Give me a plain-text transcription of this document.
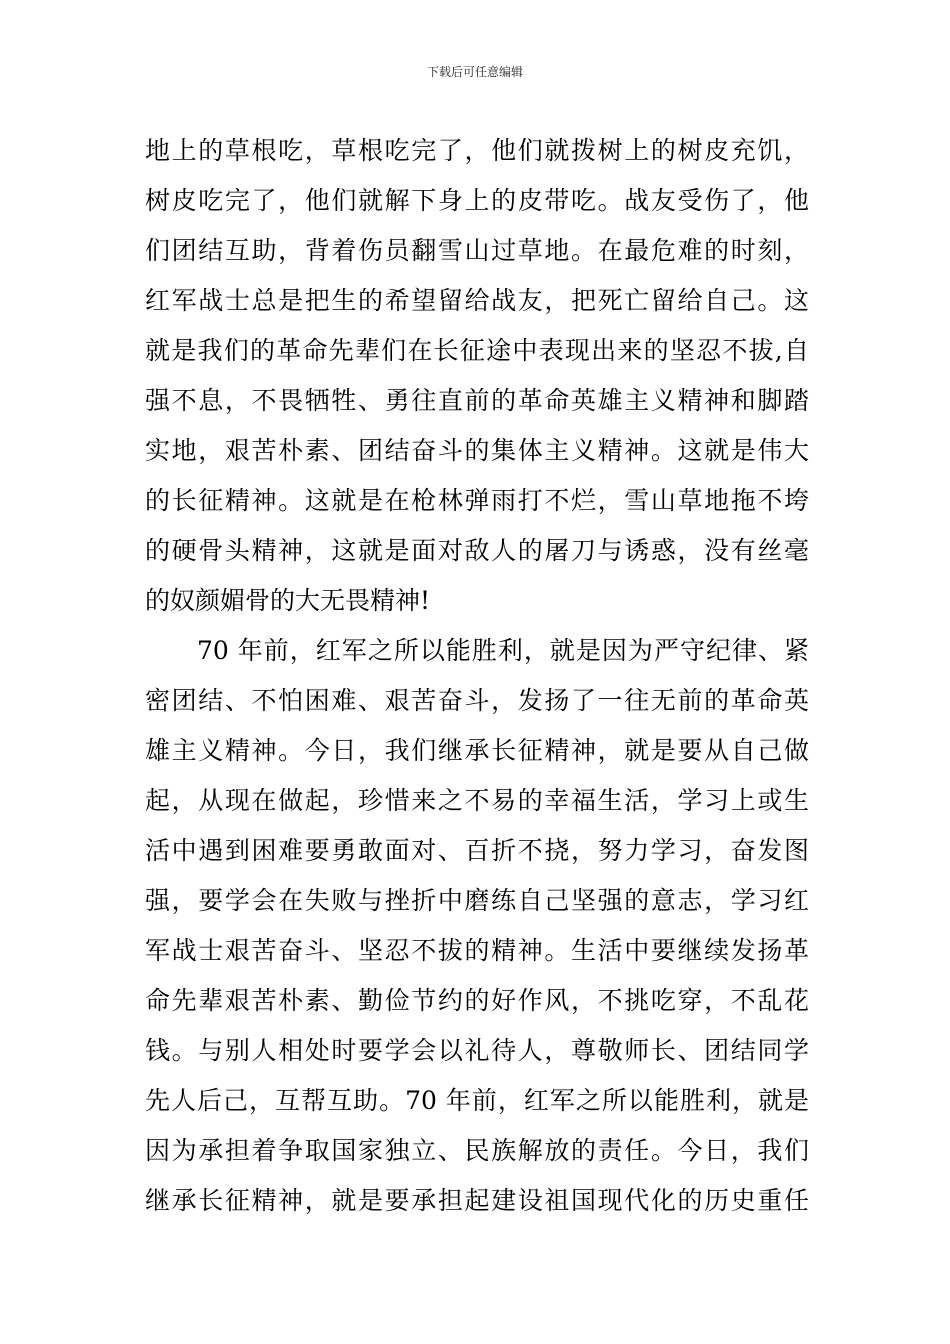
下载后可任意编辑
地上的草根吃，草根吃完了，他们就拨树上的树皮充饥，
树皮吃完了，他们就解下身上的皮带吃。战友受伤了，他
们团结互助，背着伤员翻雪山过草地。在最危难的时刻，
红军战士总是把生的希望留给战友，把死亡留给自己。这
就是我们的革命先辈们在长征途中表现出来的坚忍不拔,自
强不息，不畏牺牲、勇往直前的革命英雄主义精神和脚踏
实地，艰苦朴素、团结奋斗的集体主义精神。这就是伟大
的长征精神。这就是在枪林弹雨打不烂，雪山草地拖不垮
的硬骨头精神，这就是面对敌人的屠刀与诱惑，没有丝毫
的奴颜媚骨的大无畏精神!
70 年前，红军之所以能胜利，就是因为严守纪律、紧
密团结、不怕困难、艰苦奋斗，发扬了一往无前的革命英
雄主义精神。今日，我们继承长征精神，就是要从自己做
起，从现在做起，珍惜来之不易的幸福生活，学习上或生
活中遇到困难要勇敢面对、百折不挠，努力学习，奋发图
强，要学会在失败与挫折中磨练自己坚强的意志，学习红
军战士艰苦奋斗、坚忍不拔的精神。生活中要继续发扬革
命先辈艰苦朴素、勤俭节约的好作风，不挑吃穿，不乱花
钱。与别人相处时要学会以礼待人，尊敬师长、团结同学
先人后己，互帮互助。70 年前，红军之所以能胜利，就是
因为承担着争取国家独立、民族解放的责任。今日，我们
继承长征精神，就是要承担起建设祖国现代化的历史重任
